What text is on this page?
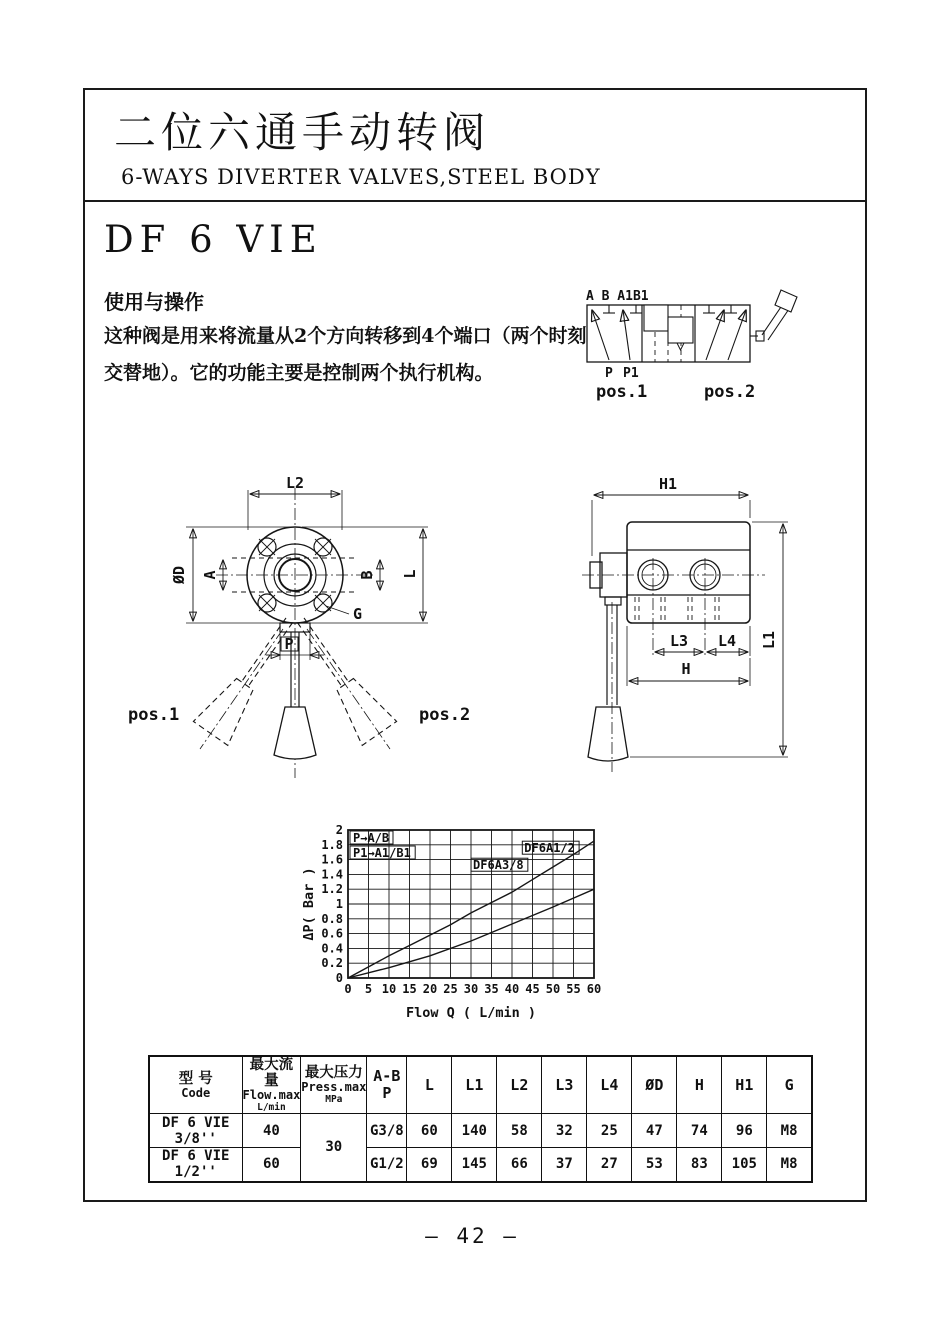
二位六通手动转阀
6-WAYS DIVERTER VALVES,STEEL BODY
DF 6 VIE
使用与操作
这种阀是用来将流量从2个方向转移到4个端口（两个时刻
交替地）。它的功能主要是控制两个执行机构。
A B A1B1
P P1
pos.1	pos.2
L2
ØD A	B L
G
P
pos.1	pos.2
H1
L3 L4
H
L1
0 5 10 15 20 25 30 35 40 45 50 55 60
0
0.2
0.4
0.6
0.8
1
1.2
1.4
1.6
1.8
2
DF6A3/8
DF6A1/2
P→A/B
P1→A1/B1
Flow Q ( L/min )
ΔP( Bar )
型 号
Code

最大流量
Flow.max
L/min

最大压力
Press.max
MPa

A-B
P	L	L1	L2	L3	L4	ØD	H	H1	G
DF 6 VIE 3/8''	40	30	G3/8	60	140	58	32	25	47	74	96	M8
DF 6 VIE 1/2''	60		G1/2	69	145	66	37	27	53	83	105	M8
— 42 —
